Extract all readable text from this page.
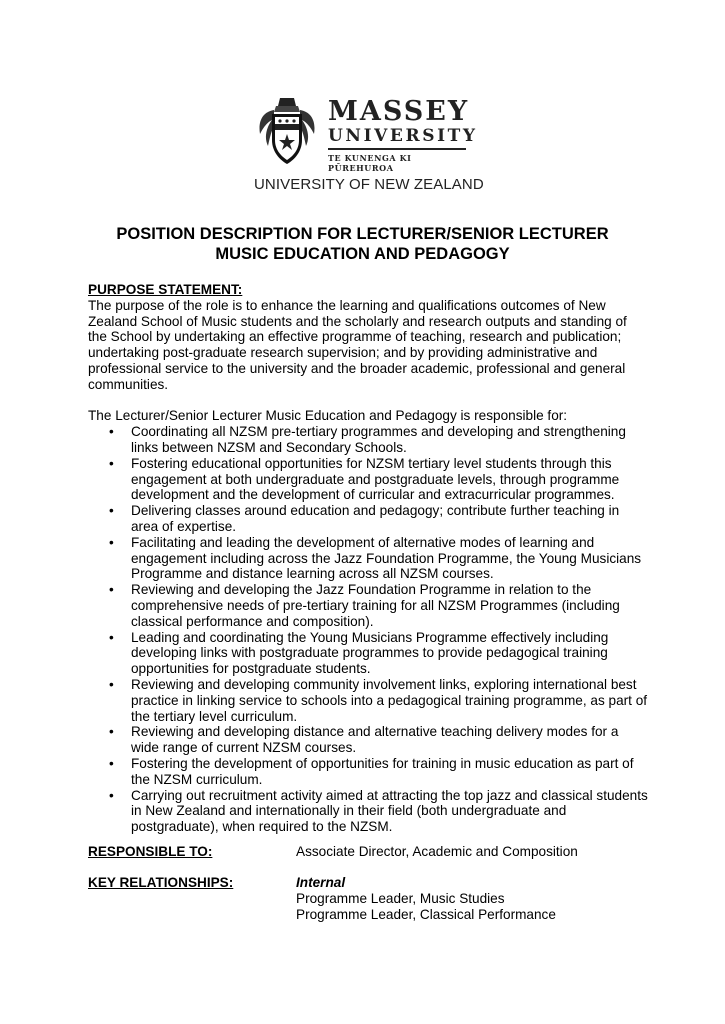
MASSEY
UNIVERSITY
TE KUNENGA KI PŪREHUROA
UNIVERSITY OF NEW ZEALAND
POSITION DESCRIPTION FOR LECTURER/SENIOR LECTURER
MUSIC EDUCATION AND PEDAGOGY
PURPOSE STATEMENT:

The purpose of the role is to enhance the learning and qualifications outcomes of New Zealand School of Music students and the scholarly and research outputs and standing of the School by undertaking an effective programme of teaching, research and publication; undertaking post-graduate research supervision; and by providing administrative and professional service to the university and the broader academic, professional and general communities.

The Lecturer/Senior Lecturer Music Education and Pedagogy is responsible for:

• Coordinating all NZSM pre-tertiary programmes and developing and strengthening links between NZSM and Secondary Schools.
• Fostering educational opportunities for NZSM tertiary level students through this engagement at both undergraduate and postgraduate levels, through programme development and the development of curricular and extracurricular programmes.
• Delivering classes around education and pedagogy; contribute further teaching in area of expertise.
• Facilitating and leading the development of alternative modes of learning and engagement including across the Jazz Foundation Programme, the Young Musicians Programme and distance learning across all NZSM courses.
• Reviewing and developing the Jazz Foundation Programme in relation to the comprehensive needs of pre-tertiary training for all NZSM Programmes (including classical performance and composition).
• Leading and coordinating the Young Musicians Programme effectively including developing links with postgraduate programmes to provide pedagogical training opportunities for postgraduate students.
• Reviewing and developing community involvement links, exploring international best practice in linking service to schools into a pedagogical training programme, as part of the tertiary level curriculum.
• Reviewing and developing distance and alternative teaching delivery modes for a wide range of current NZSM courses.
• Fostering the development of opportunities for training in music education as part of the NZSM curriculum.
• Carrying out recruitment activity aimed at attracting the top jazz and classical students in New Zealand and internationally in their field (both undergraduate and postgraduate), when required to the NZSM.
RESPONSIBLE TO:	Associate Director, Academic and Composition
KEY RELATIONSHIPS:	Internal
Programme Leader, Music Studies
Programme Leader, Classical Performance
